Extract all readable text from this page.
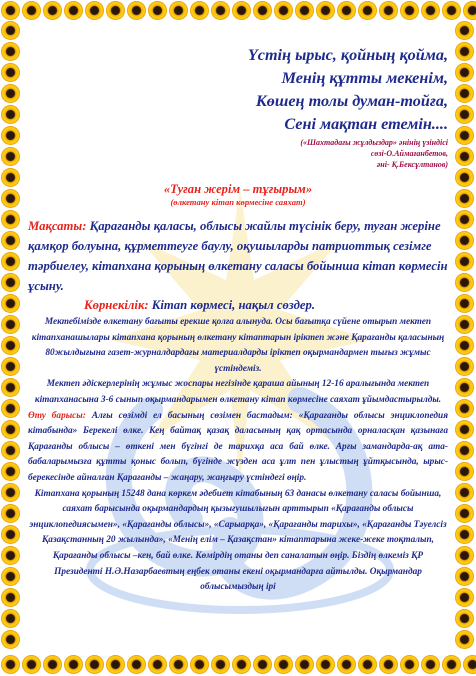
Үстің ырыс, қойның қойма,
Менің құтты мекенім,
Көшең толы думан-тойға,
Сені мақтан етемін....
(«Шахтадағы жұлдыздар» әнінің үзіндісі
сөзі-О.Аймағанбетов,
әні- Қ.Бексұлтанов)
«Туған жерім – тұғырым»
(өлкетану кітап көрмесіне саяхат)

Мақсаты: Қарағанды қаласы, облысы жайлы түсінік беру, туған жеріне қамқор болуына, құрметтеуге баулу, оқушыларды патриоттық сезімге тәрбиелеу, кітапхана қорының өлкетану саласы бойынша кітап көрмесін ұсыну.

Көрнекілік: Кітап көрмесі, нақыл сөздер.

Мектебімізде өлкетану бағыты ерекше қолға алынуда. Осы бағытқа сүйене отырып мектеп кітапханашылары кітапхана қорының өлкетану кітаптарын іріктеп және Қарағанды қаласының 80жылдығына газет-журналдардағы материалдарды іріктеп оқырмандармен тығыз жұмыс үстіндеміз.

Мектеп әдіскерлерінің жұмыс жоспары негізінде қараша айының 12-16 аралығында мектеп кітапханасына 3-6 сынып оқырмандарымен өлкетану кітап көрмесіне саяхат ұйымдастырылды.

Өту барысы: Алғы сөзімді ел басының сөзімен бастадым: «Қарағанды облысы энциклопедия кітабында» Берекелі өлке. Кең байтақ қазақ даласының қақ ортасында орналасқан қазынаға Қарағанды облысы – өткені мен бүгінгі де тарихқа аса бай өлке. Арғы замандарда-ақ ата-бабаларымызға құтты қоныс болып, бүгінде жүзден аса ұлт пен ұлыстың ұйтқысында, ырыс-берекесінде айналған Қарағанды – жаңару, жаңғыру үстіндегі өңір.

Кітапхана қорының 15248 дана көркем әдебиет кітабының 63 данасы өлкетану саласы бойынша, саяхат барысында оқырмандардың қызығушылығын арттырып «Қарағанды облысы энциклопедиясымен», «Қарағанды облысы», «Сарыарқа», «Қарағанды тарихы», «Қарағанды Тәуелсіз Қазақстанның 20 жылында», «Менің елім – Қазақстан» кітаптарына жеке-жеке тоқталып, Қарағанды облысы –кен, бай өлке. Көмірдің отаны деп саналатын өңір. Біздің өлкеміз ҚР Президенті Н.Ә.Назарбаевтың еңбек отаны екені оқырмандарға айтылды. Оқырмандар облысымыздың ірі
